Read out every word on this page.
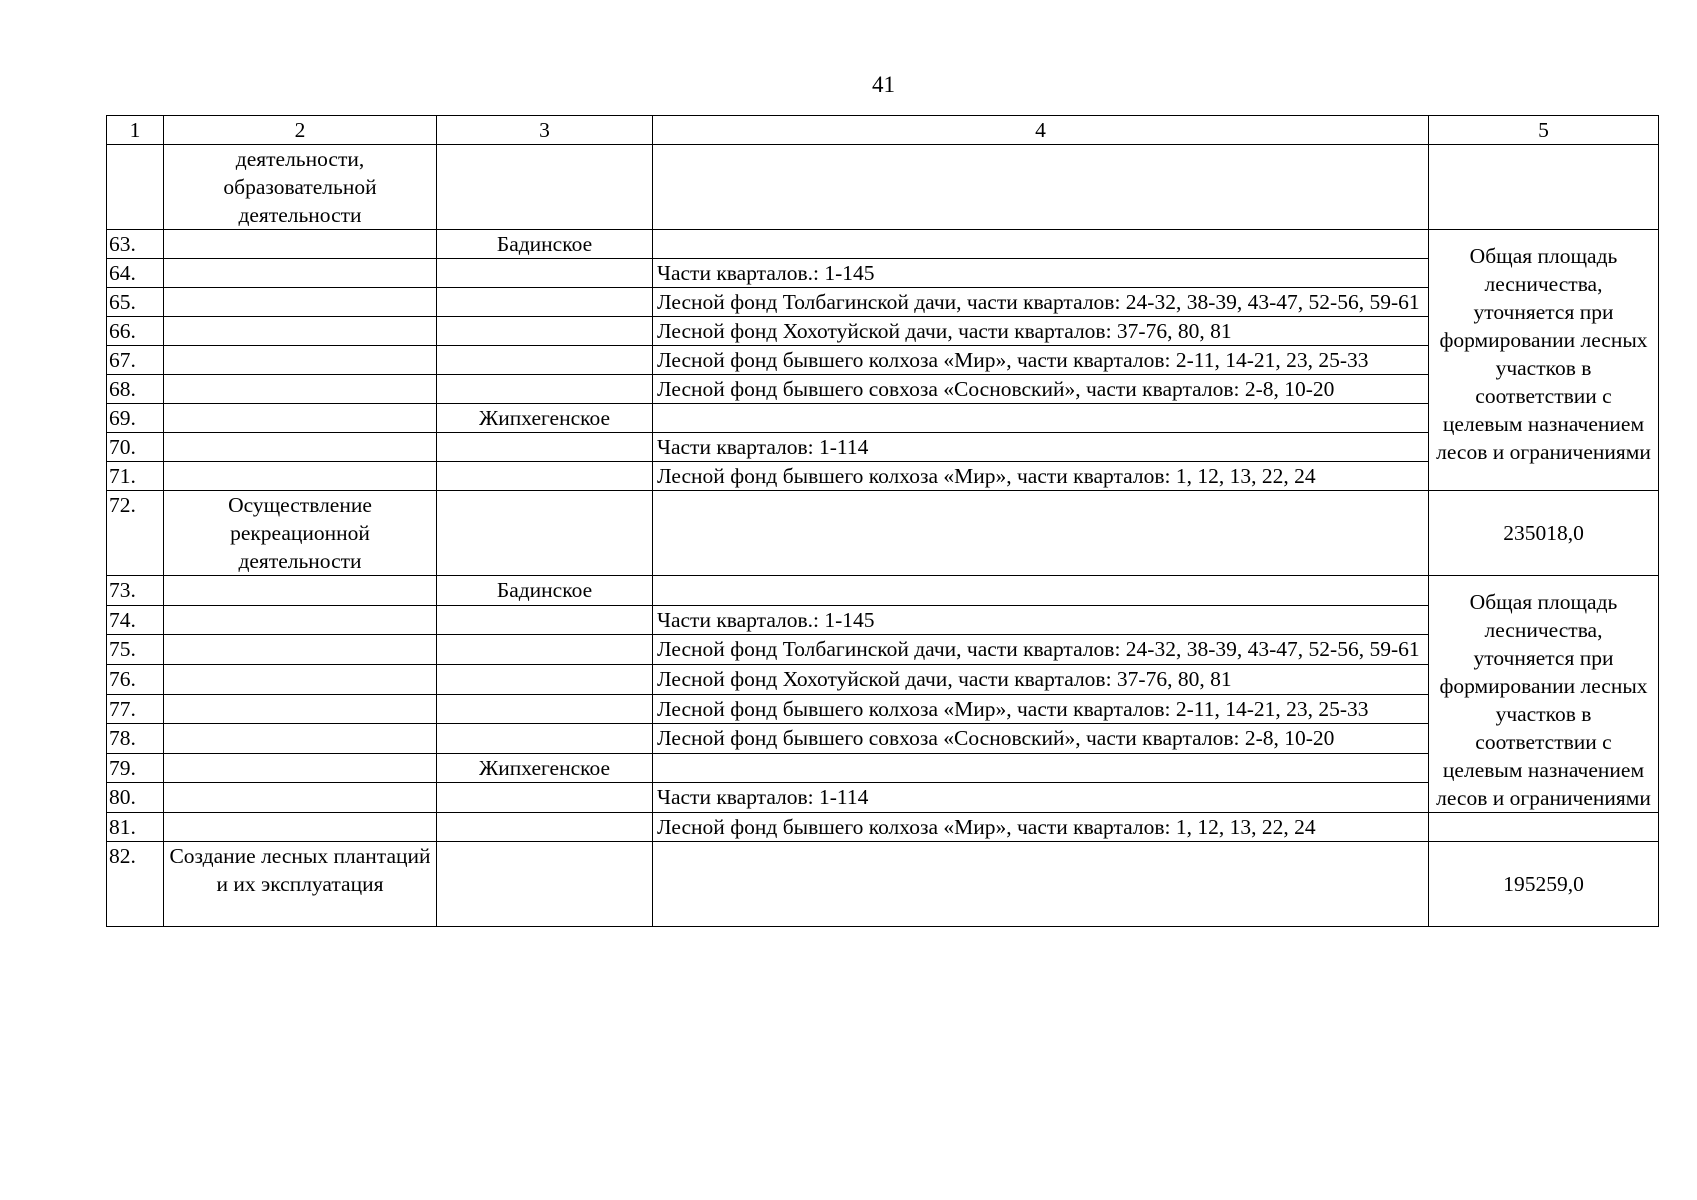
41
1	2	3	4	5
	деятельности, образовательной деятельности			
63.		Бадинское		Общая площадь лесничества, уточняется при формировании лесных участков в соответствии с целевым назначением лесов и ограничениями

64.			Части кварталов.: 1-145	
65.			Лесной фонд Толбагинской дачи, части кварталов: 24-32, 38-39, 43-47, 52-56, 59-61	
66.			Лесной фонд Хохотуйской дачи, части кварталов: 37-76, 80, 81	
67.			Лесной фонд бывшего колхоза «Мир», части кварталов: 2-11, 14-21, 23, 25-33	
68.			Лесной фонд бывшего совхоза «Сосновский», части кварталов: 2-8, 10-20	
69.		Жипхегенское		
70.			Части кварталов: 1-114	
71.			Лесной фонд бывшего колхоза «Мир», части кварталов: 1, 12, 13, 22, 24	
72.	Осуществление рекреационной деятельности			235018,0
73.		Бадинское		Общая площадь лесничества, уточняется при формировании лесных участков в соответствии с целевым назначением лесов и ограничениями

74.			Части кварталов.: 1-145	
75.			Лесной фонд Толбагинской дачи, части кварталов: 24-32, 38-39, 43-47, 52-56, 59-61	
76.			Лесной фонд Хохотуйской дачи, части кварталов: 37-76, 80, 81	
77.			Лесной фонд бывшего колхоза «Мир», части кварталов: 2-11, 14-21, 23, 25-33	
78.			Лесной фонд бывшего совхоза «Сосновский», части кварталов: 2-8, 10-20	
79.		Жипхегенское		
80.			Части кварталов: 1-114	
81.			Лесной фонд бывшего колхоза «Мир», части кварталов: 1, 12, 13, 22, 24	
82.	Создание лесных плантаций и их эксплуатация			195259,0
